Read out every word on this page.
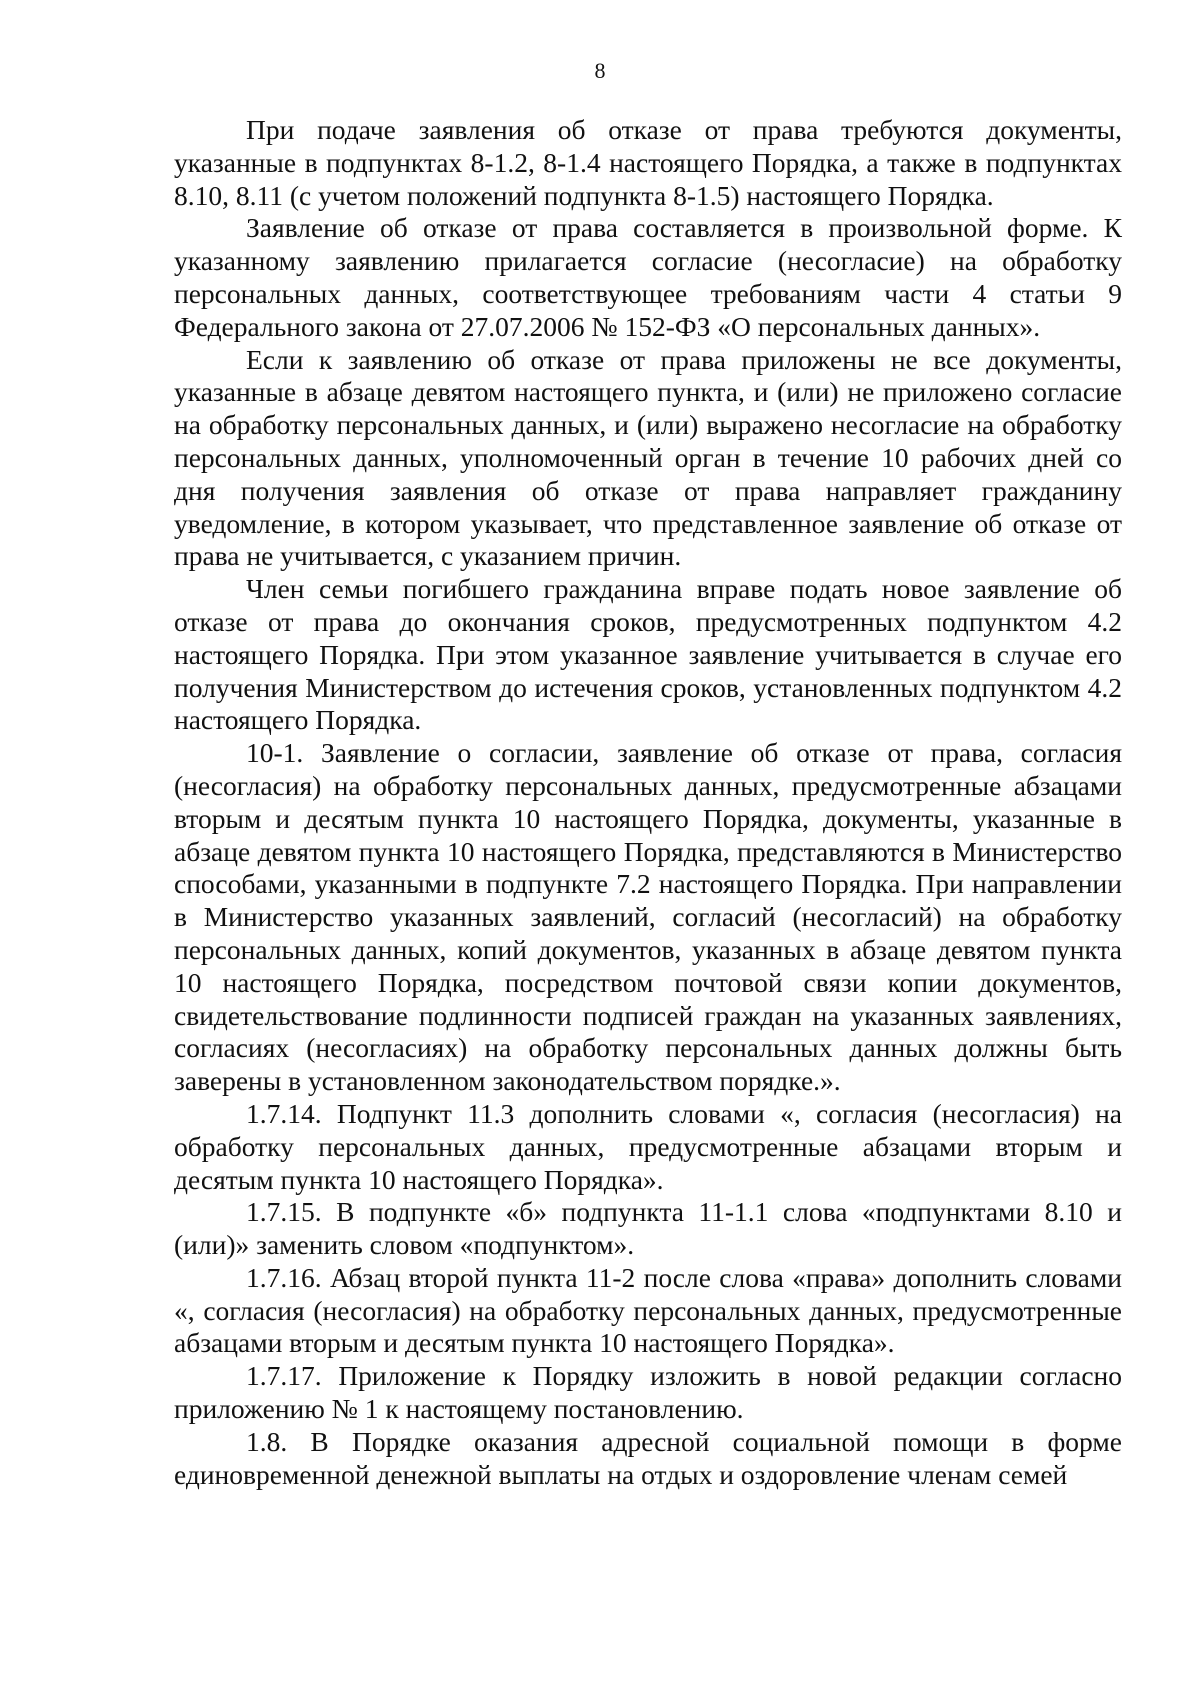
8

При подаче заявления об отказе от права требуются документы, указанные в подпунктах 8-1.2, 8-1.4 настоящего Порядка, а также в подпунктах 8.10, 8.11 (с учетом положений подпункта 8-1.5) настоящего Порядка.

Заявление об отказе от права составляется в произвольной форме. К указанному заявлению прилагается согласие (несогласие) на обработку персональных данных, соответствующее требованиям части 4 статьи 9 Федерального закона от 27.07.2006 № 152-ФЗ «О персональных данных».

Если к заявлению об отказе от права приложены не все документы, указанные в абзаце девятом настоящего пункта, и (или) не приложено согласие на обработку персональных данных, и (или) выражено несогласие на обработку персональных данных, уполномоченный орган в течение 10 рабочих дней со дня получения заявления об отказе от права направляет гражданину уведомление, в котором указывает, что представленное заявление об отказе от права не учитывается, с указанием причин.

Член семьи погибшего гражданина вправе подать новое заявление об отказе от права до окончания сроков, предусмотренных подпунктом 4.2 настоящего Порядка. При этом указанное заявление учитывается в случае его получения Министерством до истечения сроков, установленных подпунктом 4.2 настоящего Порядка.

10-1. Заявление о согласии, заявление об отказе от права, согласия (несогласия) на обработку персональных данных, предусмотренные абзацами вторым и десятым пункта 10 настоящего Порядка, документы, указанные в абзаце девятом пункта 10 настоящего Порядка, представляются в Министерство способами, указанными в подпункте 7.2 настоящего Порядка. При направлении в Министерство указанных заявлений, согласий (несогласий) на обработку персональных данных, копий документов, указанных в абзаце девятом пункта 10 настоящего Порядка, посредством почтовой связи копии документов, свидетельствование подлинности подписей граждан на указанных заявлениях, согласиях (несогласиях) на обработку персональных данных должны быть заверены в установленном законодательством порядке.».

1.7.14. Подпункт 11.3 дополнить словами «, согласия (несогласия) на обработку персональных данных, предусмотренные абзацами вторым и десятым пункта 10 настоящего Порядка».

1.7.15. В подпункте «б» подпункта 11-1.1 слова «подпунктами 8.10 и (или)» заменить словом «подпунктом».

1.7.16. Абзац второй пункта 11-2 после слова «права» дополнить словами «, согласия (несогласия) на обработку персональных данных, предусмотренные абзацами вторым и десятым пункта 10 настоящего Порядка».

1.7.17. Приложение к Порядку изложить в новой редакции согласно приложению № 1 к настоящему постановлению.

1.8. В Порядке оказания адресной социальной помощи в форме единовременной денежной выплаты на отдых и оздоровление членам семей
